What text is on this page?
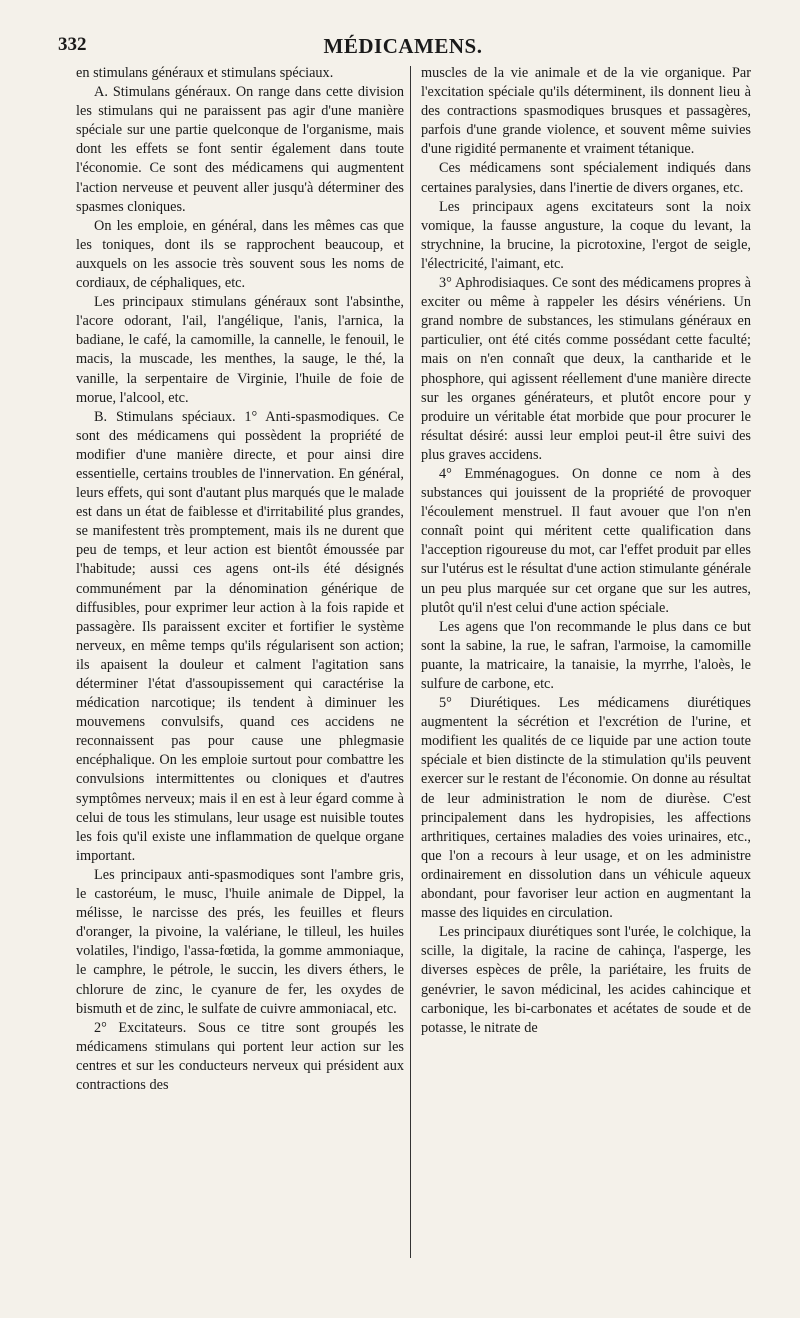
332	MÉDICAMENS.

en stimulans généraux et stimulans spéciaux.

A. Stimulans généraux. On range dans cette division les stimulans qui ne paraissent pas agir d'une manière spéciale sur une partie quelconque de l'organisme, mais dont les effets se font sentir également dans toute l'économie. Ce sont des médicamens qui augmentent l'action nerveuse et peuvent aller jusqu'à déterminer des spasmes cloniques.

On les emploie, en général, dans les mêmes cas que les toniques, dont ils se rapprochent beaucoup, et auxquels on les associe très souvent sous les noms de cordiaux, de céphaliques, etc.

Les principaux stimulans généraux sont l'absinthe, l'acore odorant, l'ail, l'angélique, l'anis, l'arnica, la badiane, le café, la camomille, la cannelle, le fenouil, le macis, la muscade, les menthes, la sauge, le thé, la vanille, la serpentaire de Virginie, l'huile de foie de morue, l'alcool, etc.

B. Stimulans spéciaux. 1° Anti-spasmodiques. Ce sont des médicamens qui possèdent la propriété de modifier d'une manière directe, et pour ainsi dire essentielle, certains troubles de l'innervation. En général, leurs effets, qui sont d'autant plus marqués que le malade est dans un état de faiblesse et d'irritabilité plus grandes, se manifestent très promptement, mais ils ne durent que peu de temps, et leur action est bientôt émoussée par l'habitude; aussi ces agens ont-ils été désignés communément par la dénomination générique de diffusibles, pour exprimer leur action à la fois rapide et passagère. Ils paraissent exciter et fortifier le système nerveux, en même temps qu'ils régularisent son action; ils apaisent la douleur et calment l'agitation sans déterminer l'état d'assoupissement qui caractérise la médication narcotique; ils tendent à diminuer les mouvemens convulsifs, quand ces accidens ne reconnaissent pas pour cause une phlegmasie encéphalique. On les emploie surtout pour combattre les convulsions intermittentes ou cloniques et d'autres symptômes nerveux; mais il en est à leur égard comme à celui de tous les stimulans, leur usage est nuisible toutes les fois qu'il existe une inflammation de quelque organe important.

Les principaux anti-spasmodiques sont l'ambre gris, le castoréum, le musc, l'huile animale de Dippel, la mélisse, le narcisse des prés, les feuilles et fleurs d'oranger, la pivoine, la valériane, le tilleul, les huiles volatiles, l'indigo, l'assa-fœtida, la gomme ammoniaque, le camphre, le pétrole, le succin, les divers éthers, le chlorure de zinc, le cyanure de fer, les oxydes de bismuth et de zinc, le sulfate de cuivre ammoniacal, etc.

2° Excitateurs. Sous ce titre sont groupés les médicamens stimulans qui portent leur action sur les centres et sur les conducteurs nerveux qui président aux contractions des

muscles de la vie animale et de la vie organique. Par l'excitation spéciale qu'ils déterminent, ils donnent lieu à des contractions spasmodiques brusques et passagères, parfois d'une grande violence, et souvent même suivies d'une rigidité permanente et vraiment tétanique.

Ces médicamens sont spécialement indiqués dans certaines paralysies, dans l'inertie de divers organes, etc.

Les principaux agens excitateurs sont la noix vomique, la fausse angusture, la coque du levant, la strychnine, la brucine, la picrotoxine, l'ergot de seigle, l'électricité, l'aimant, etc.

3° Aphrodisiaques. Ce sont des médicamens propres à exciter ou même à rappeler les désirs vénériens. Un grand nombre de substances, les stimulans généraux en particulier, ont été cités comme possédant cette faculté; mais on n'en connaît que deux, la cantharide et le phosphore, qui agissent réellement d'une manière directe sur les organes générateurs, et plutôt encore pour y produire un véritable état morbide que pour procurer le résultat désiré: aussi leur emploi peut-il être suivi des plus graves accidens.

4° Emménagogues. On donne ce nom à des substances qui jouissent de la propriété de provoquer l'écoulement menstruel. Il faut avouer que l'on n'en connaît point qui méritent cette qualification dans l'acception rigoureuse du mot, car l'effet produit par elles sur l'utérus est le résultat d'une action stimulante générale un peu plus marquée sur cet organe que sur les autres, plutôt qu'il n'est celui d'une action spéciale.

Les agens que l'on recommande le plus dans ce but sont la sabine, la rue, le safran, l'armoise, la camomille puante, la matricaire, la tanaisie, la myrrhe, l'aloès, le sulfure de carbone, etc.

5° Diurétiques. Les médicamens diurétiques augmentent la sécrétion et l'excrétion de l'urine, et modifient les qualités de ce liquide par une action toute spéciale et bien distincte de la stimulation qu'ils peuvent exercer sur le restant de l'économie. On donne au résultat de leur administration le nom de diurèse. C'est principalement dans les hydropisies, les affections arthritiques, certaines maladies des voies urinaires, etc., que l'on a recours à leur usage, et on les administre ordinairement en dissolution dans un véhicule aqueux abondant, pour favoriser leur action en augmentant la masse des liquides en circulation.

Les principaux diurétiques sont l'urée, le colchique, la scille, la digitale, la racine de cahinça, l'asperge, les diverses espèces de prêle, la pariétaire, les fruits de genévrier, le savon médicinal, les acides cahincique et carbonique, les bi-carbonates et acétates de soude et de potasse, le nitrate de
